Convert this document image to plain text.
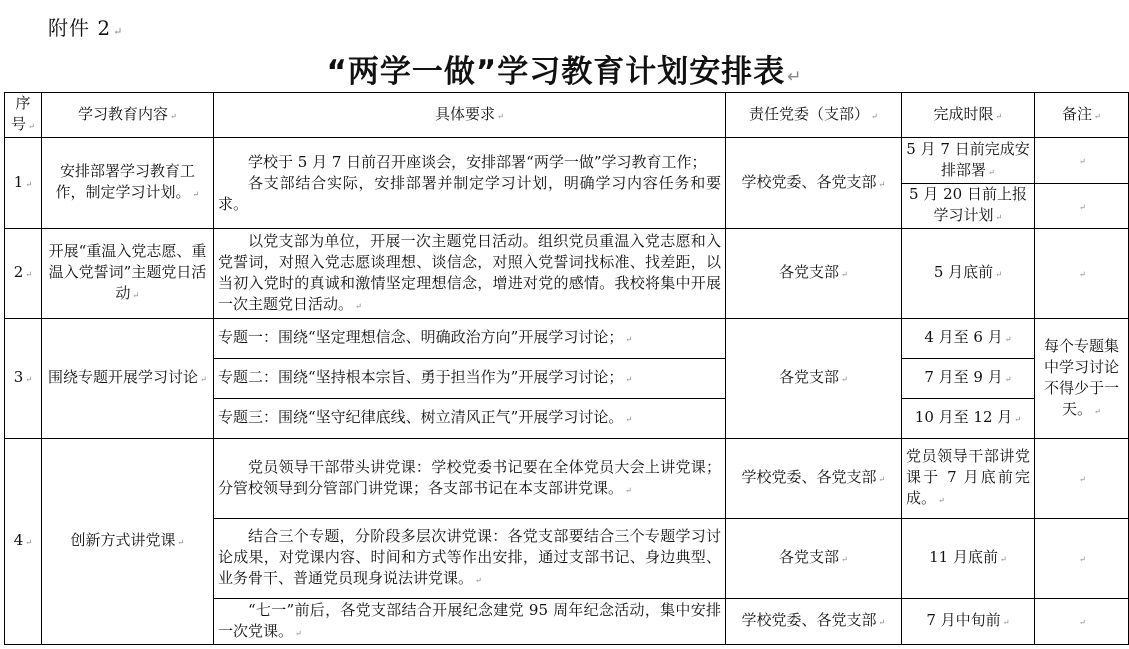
附件 2 ↵
“两学一做”学习教育计划安排表 ↵
序号 ↵	学习教育内容 ↵	具体要求 ↵	责任党委（支部） ↵	完成时限 ↵	备注 ↵
1 ↵	安排部署学习教育工作，制定学习计划。 ↵	学校于 5 月 7 日前召开座谈会，安排部署“两学一做”学习教育工作；
各支部结合实际，安排部署并制定学习计划，明确学习内容任务和要求。	学校党委、各党支部 ↵	5 月 7 日前完成安排部署 ↵	↵
				5 月 20 日前上报学习计划 ↵	↵
2 ↵	开展“重温入党志愿、重温入党誓词”主题党日活动 ↵	以党支部为单位，开展一次主题党日活动。组织党员重温入党志愿和入党誓词，对照入党志愿谈理想、谈信念，对照入党誓词找标准、找差距，以当初入党时的真诚和激情坚定理想信念，增进对党的感情。我校将集中开展一次主题党日活动。 ↵	各党支部 ↵	5 月底前 ↵	↵
3 ↵	围绕专题开展学习讨论 ↵	专题一：围绕“坚定理想信念、明确政治方向”开展学习讨论； ↵	各党支部 ↵	4 月至 6 月 ↵	每个专题集中学习讨论不得少于一天。 ↵
		专题二：围绕“坚持根本宗旨、勇于担当作为”开展学习讨论； ↵		7 月至 9 月 ↵	
		专题三：围绕“坚守纪律底线、树立清风正气”开展学习讨论。 ↵		10 月至 12 月 ↵	
4 ↵	创新方式讲党课 ↵	党员领导干部带头讲党课：学校党委书记要在全体党员大会上讲党课；分管校领导到分管部门讲党课；各支部书记在本支部讲党课。 ↵	学校党委、各党支部 ↵	党员领导干部讲党课于 7 月底前完成。 ↵	↵
		结合三个专题，分阶段多层次讲党课：各党支部要结合三个专题学习讨论成果，对党课内容、时间和方式等作出安排，通过支部书记、身边典型、业务骨干、普通党员现身说法讲党课。 ↵	各党支部 ↵	11 月底前 ↵	↵
		“七一”前后，各党支部结合开展纪念建党 95 周年纪念活动，集中安排一次党课。 ↵	学校党委、各党支部 ↵	7 月中旬前 ↵	↵
